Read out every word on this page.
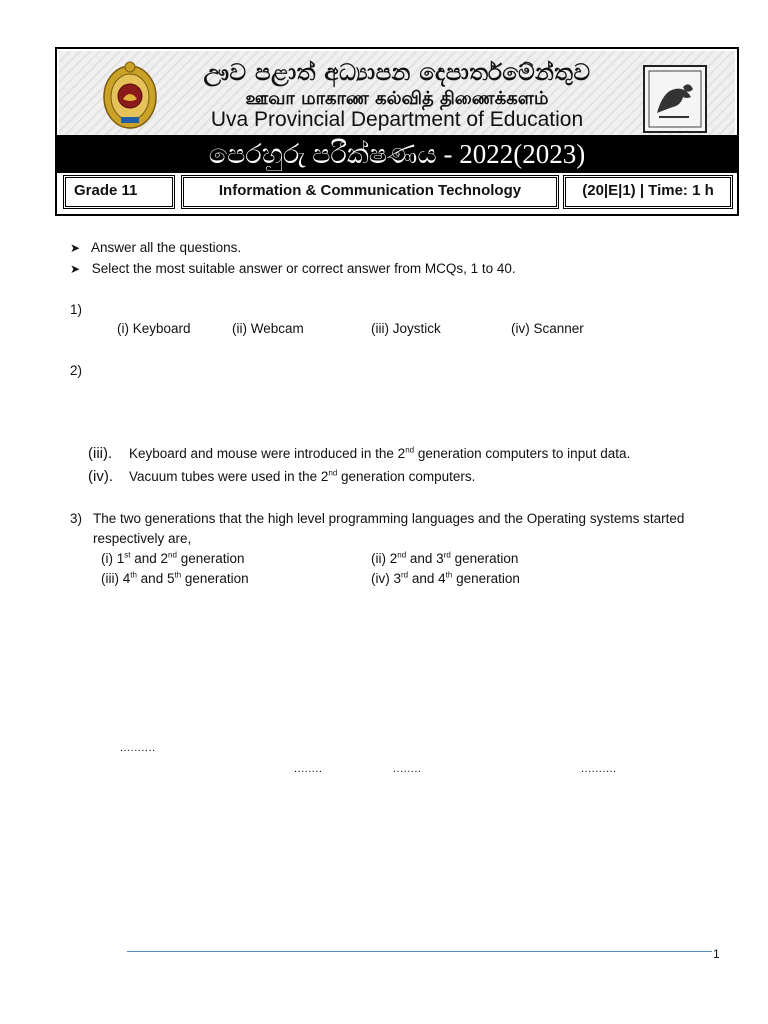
ඌව පළාත් අධ්‍යාපන දෙපාර්තමේන්තුව
ஊவா மாகாண கல்வித் திணைக்களம்
Uva Provincial Department of Education
පෙරහුරු පරීක්ෂණය - 2022(2023)
Grade 11	Information & Communication Technology	(20|E|1) | Time: 1 h
➤ Answer all the questions.
➤ Select the most suitable answer or correct answer from MCQs, 1 to 40.
1)
(i) Keyboard	(ii) Webcam	(iii) Joystick	(iv) Scanner
2)
(iii). Keyboard and mouse were introduced in the 2nd generation computers to input data.
(iv). Vacuum tubes were used in the 2nd generation computers.
3) The two generations that the high level programming languages and the Operating systems started
respectively are,
(i) 1st and 2nd generation	(ii) 2nd and 3rd generation
(iii) 4th and 5th generation	(iv) 3rd and 4th generation
..........
........	........	..........
1
